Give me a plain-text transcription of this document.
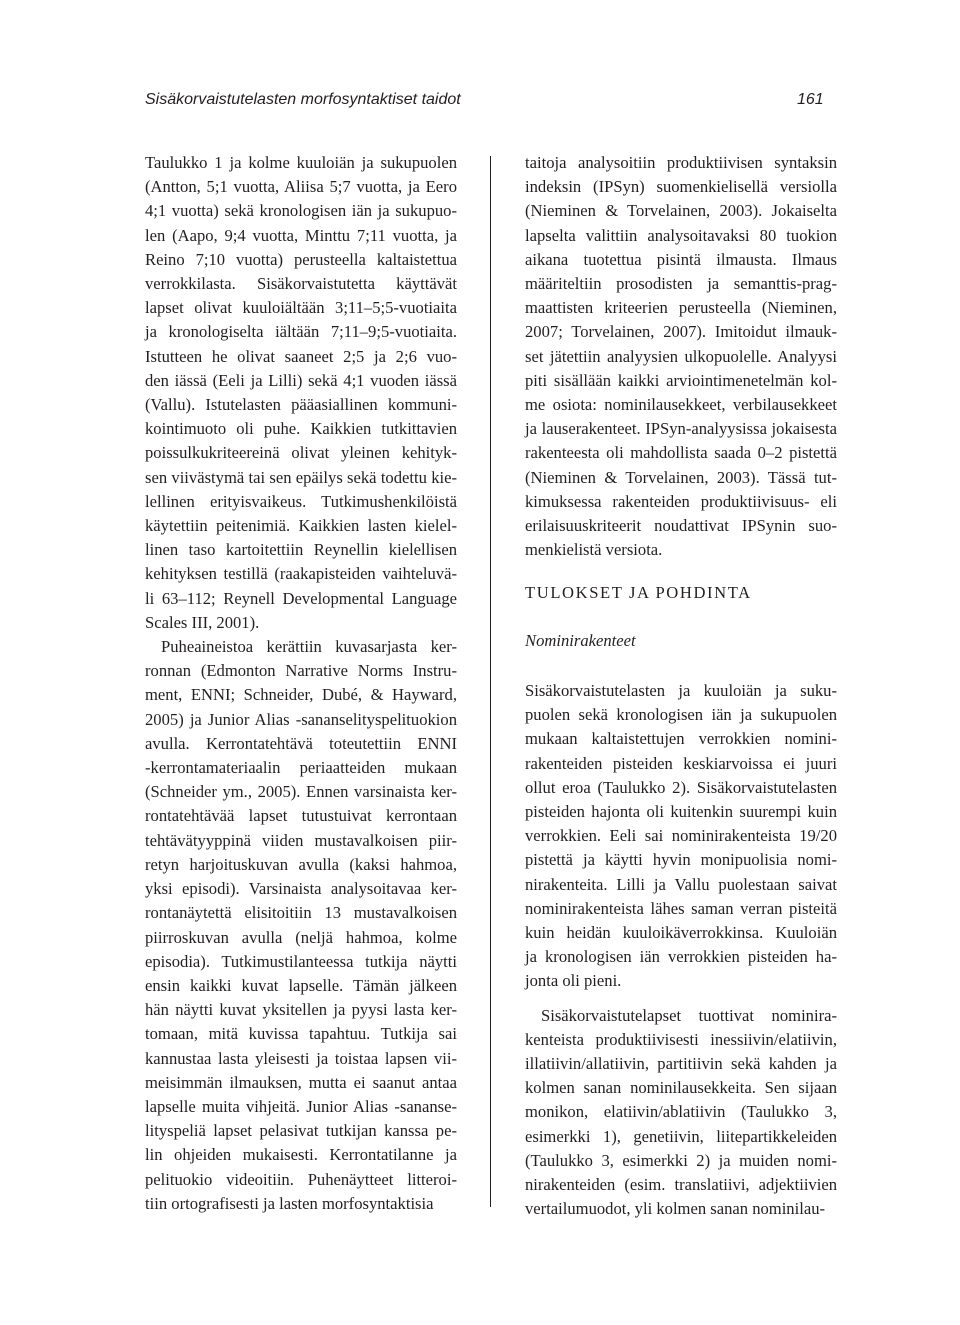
Sisäkorvaistutelasten morfosyntaktiset taidot	161
Taulukko 1 ja kolme kuuloiän ja sukupuolen
(Antton, 5;1 vuotta, Aliisa 5;7 vuotta, ja Eero
4;1 vuotta) sekä kronologisen iän ja sukupuo-
len (Aapo, 9;4 vuotta, Minttu 7;11 vuotta, ja
Reino 7;10 vuotta) perusteella kaltaistettua
verrokkilasta. Sisäkorvaistutetta käyttävät
lapset olivat kuuloiältään 3;11–5;5-vuotiaita
ja kronologiselta iältään 7;11–9;5-vuotiaita.
Istutteen he olivat saaneet 2;5 ja 2;6 vuo-
den iässä (Eeli ja Lilli) sekä 4;1 vuoden iässä
(Vallu). Istutelasten pääasiallinen kommuni-
kointimuoto oli puhe. Kaikkien tutkittavien
poissulkukriteereinä olivat yleinen kehityk-
sen viivästymä tai sen epäilys sekä todettu kie-
lellinen erityisvaikeus. Tutkimushenkilöistä
käytettiin peitenimiä. Kaikkien lasten kielel-
linen taso kartoitettiin Reynellin kielellisen
kehityksen testillä (raakapisteiden vaihteluvä-
li 63–112; Reynell Developmental Language
Scales III, 2001).
Puheaineistoa kerättiin kuvasarjasta ker-
ronnan (Edmonton Narrative Norms Instru-
ment, ENNI; Schneider, Dubé, & Hayward,
2005) ja Junior Alias -sananselityspelituokion
avulla. Kerrontatehtävä toteutettiin ENNI
-kerrontamateriaalin periaatteiden mukaan
(Schneider ym., 2005). Ennen varsinaista ker-
rontatehtävää lapset tutustuivat kerrontaan
tehtävätyyppinä viiden mustavalkoisen piir-
retyn harjoituskuvan avulla (kaksi hahmoa,
yksi episodi). Varsinaista analysoitavaa ker-
rontanäytettä elisitoitiin 13 mustavalkoisen
piirroskuvan avulla (neljä hahmoa, kolme
episodia). Tutkimustilanteessa tutkija näytti
ensin kaikki kuvat lapselle. Tämän jälkeen
hän näytti kuvat yksitellen ja pyysi lasta ker-
tomaan, mitä kuvissa tapahtuu. Tutkija sai
kannustaa lasta yleisesti ja toistaa lapsen vii-
meisimmän ilmauksen, mutta ei saanut antaa
lapselle muita vihjeitä. Junior Alias -sananse-
lityspeliä lapset pelasivat tutkijan kanssa pe-
lin ohjeiden mukaisesti. Kerrontatilanne ja
pelituokio videoitiin. Puhenäytteet litteroi-
tiin ortografisesti ja lasten morfosyntaktisia
taitoja analysoitiin produktiivisen syntaksin
indeksin (IPSyn) suomenkielisellä versiolla
(Nieminen & Torvelainen, 2003). Jokaiselta
lapselta valittiin analysoitavaksi 80 tuokion
aikana tuotettua pisintä ilmausta. Ilmaus
määriteltiin prosodisten ja semanttis-prag-
maattisten kriteerien perusteella (Nieminen,
2007; Torvelainen, 2007). Imitoidut ilmauk-
set jätettiin analyysien ulkopuolelle. Analyysi
piti sisällään kaikki arviointimenetelmän kol-
me osiota: nominilausekkeet, verbilausekkeet
ja lauserakenteet. IPSyn-analyysissa jokaisesta
rakenteesta oli mahdollista saada 0–2 pistettä
(Nieminen & Torvelainen, 2003). Tässä tut-
kimuksessa rakenteiden produktiivisuus- eli
erilaisuuskriteerit noudattivat IPSynin suo-
menkielistä versiota.
TULOKSET JA POHDINTA
Nominirakenteet
Sisäkorvaistutelasten ja kuuloiän ja suku-
puolen sekä kronologisen iän ja sukupuolen
mukaan kaltaistettujen verrokkien nomini-
rakenteiden pisteiden keskiarvoissa ei juuri
ollut eroa (Taulukko 2). Sisäkorvaistutelasten
pisteiden hajonta oli kuitenkin suurempi kuin
verrokkien. Eeli sai nominirakenteista 19/20
pistettä ja käytti hyvin monipuolisia nomi-
nirakenteita. Lilli ja Vallu puolestaan saivat
nominirakenteista lähes saman verran pisteitä
kuin heidän kuuloikäverrokkinsa. Kuuloiän
ja kronologisen iän verrokkien pisteiden ha-
jonta oli pieni.
Sisäkorvaistutelapset tuottivat nominira-
kenteista produktiivisesti inessiivin/elatiivin,
illatiivin/allatiivin, partitiivin sekä kahden ja
kolmen sanan nominilausekkeita. Sen sijaan
monikon, elatiivin/ablatiivin (Taulukko 3,
esimerkki 1), genetiivin, liitepartikkeleiden
(Taulukko 3, esimerkki 2) ja muiden nomi-
nirakenteiden (esim. translatiivi, adjektiivien
vertailumuodot, yli kolmen sanan nominilau-
